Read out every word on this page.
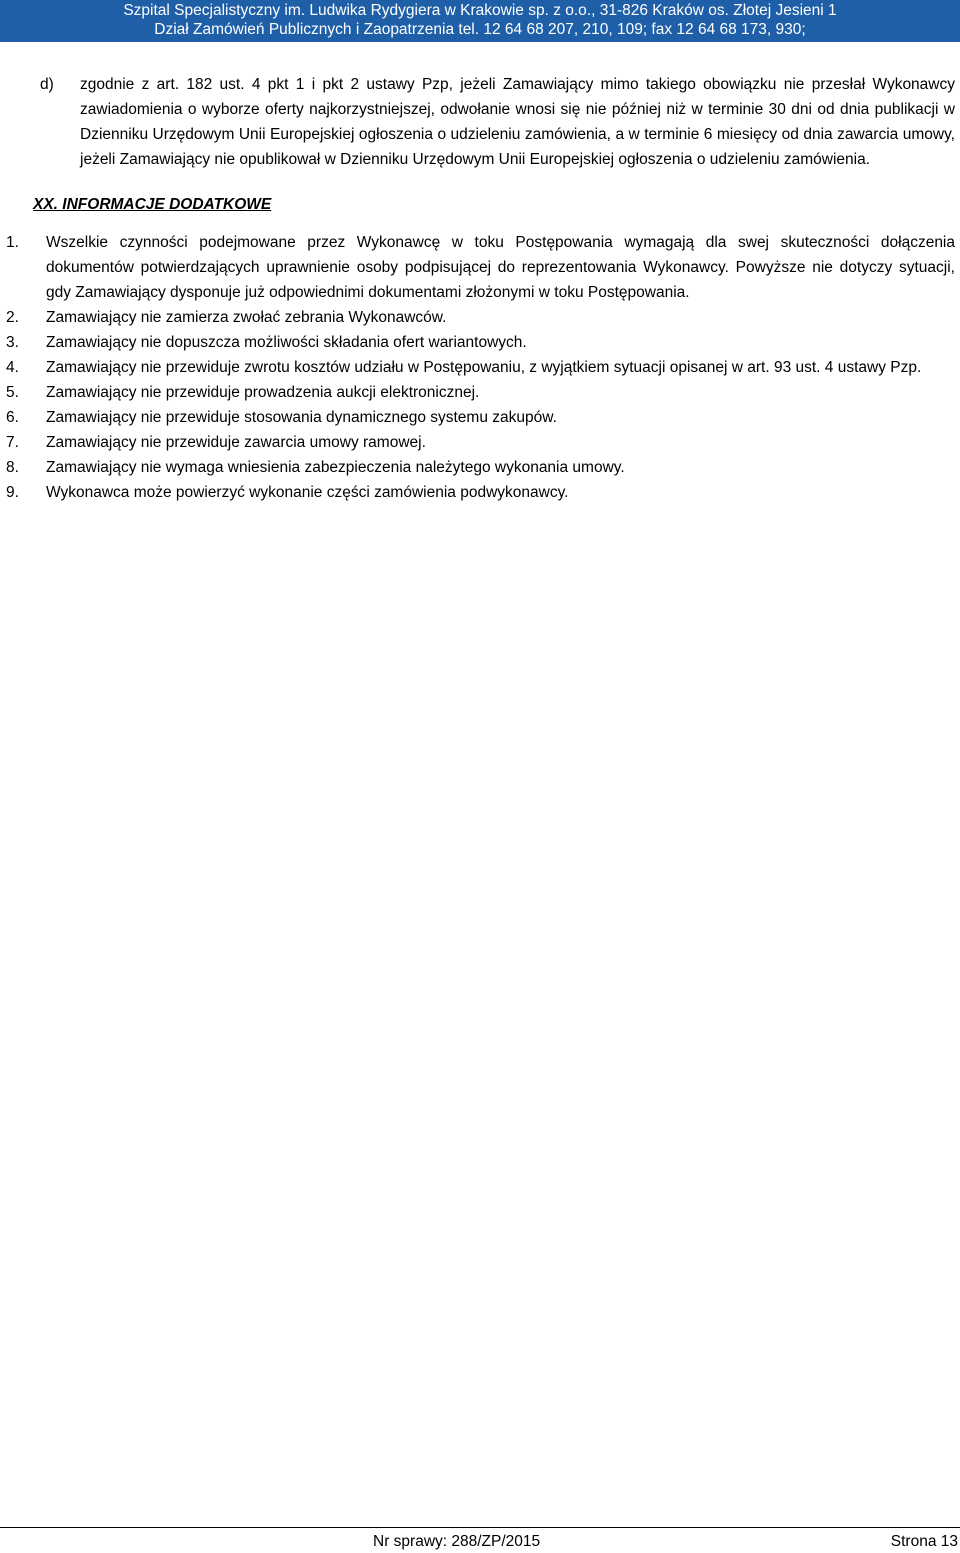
Szpital Specjalistyczny im. Ludwika Rydygiera w Krakowie sp. z o.o., 31-826 Kraków os. Złotej Jesieni 1
Dział Zamówień Publicznych i Zaopatrzenia tel. 12 64 68 207, 210, 109; fax 12 64 68 173, 930;
d)	zgodnie z art. 182 ust. 4 pkt 1 i pkt 2 ustawy Pzp, jeżeli Zamawiający mimo takiego obowiązku nie przesłał Wykonawcy zawiadomienia o wyborze oferty najkorzystniejszej, odwołanie wnosi się nie później niż w terminie 30 dni od dnia publikacji w Dzienniku Urzędowym Unii Europejskiej ogłoszenia o udzieleniu zamówienia, a w terminie 6 miesięcy od dnia zawarcia umowy, jeżeli Zamawiający nie opublikował w Dzienniku Urzędowym Unii Europejskiej ogłoszenia o udzieleniu zamówienia.
XX. INFORMACJE DODATKOWE
1.	Wszelkie czynności podejmowane przez Wykonawcę w toku Postępowania wymagają dla swej skuteczności dołączenia dokumentów potwierdzających uprawnienie osoby podpisującej do reprezentowania Wykonawcy. Powyższe nie dotyczy sytuacji, gdy Zamawiający dysponuje już odpowiednimi dokumentami złożonymi w toku Postępowania.
2.	Zamawiający nie zamierza zwołać zebrania Wykonawców.
3.	Zamawiający nie dopuszcza możliwości składania ofert wariantowych.
4.	Zamawiający nie przewiduje zwrotu kosztów udziału w Postępowaniu, z wyjątkiem sytuacji opisanej w art. 93 ust. 4 ustawy Pzp.
5.	Zamawiający nie przewiduje prowadzenia aukcji elektronicznej.
6.	Zamawiający nie przewiduje stosowania dynamicznego systemu zakupów.
7.	Zamawiający nie przewiduje zawarcia umowy ramowej.
8.	Zamawiający nie wymaga wniesienia zabezpieczenia należytego wykonania umowy.
9.	Wykonawca może powierzyć wykonanie części zamówienia podwykonawcy.
Nr sprawy: 288/ZP/2015	Strona 13
